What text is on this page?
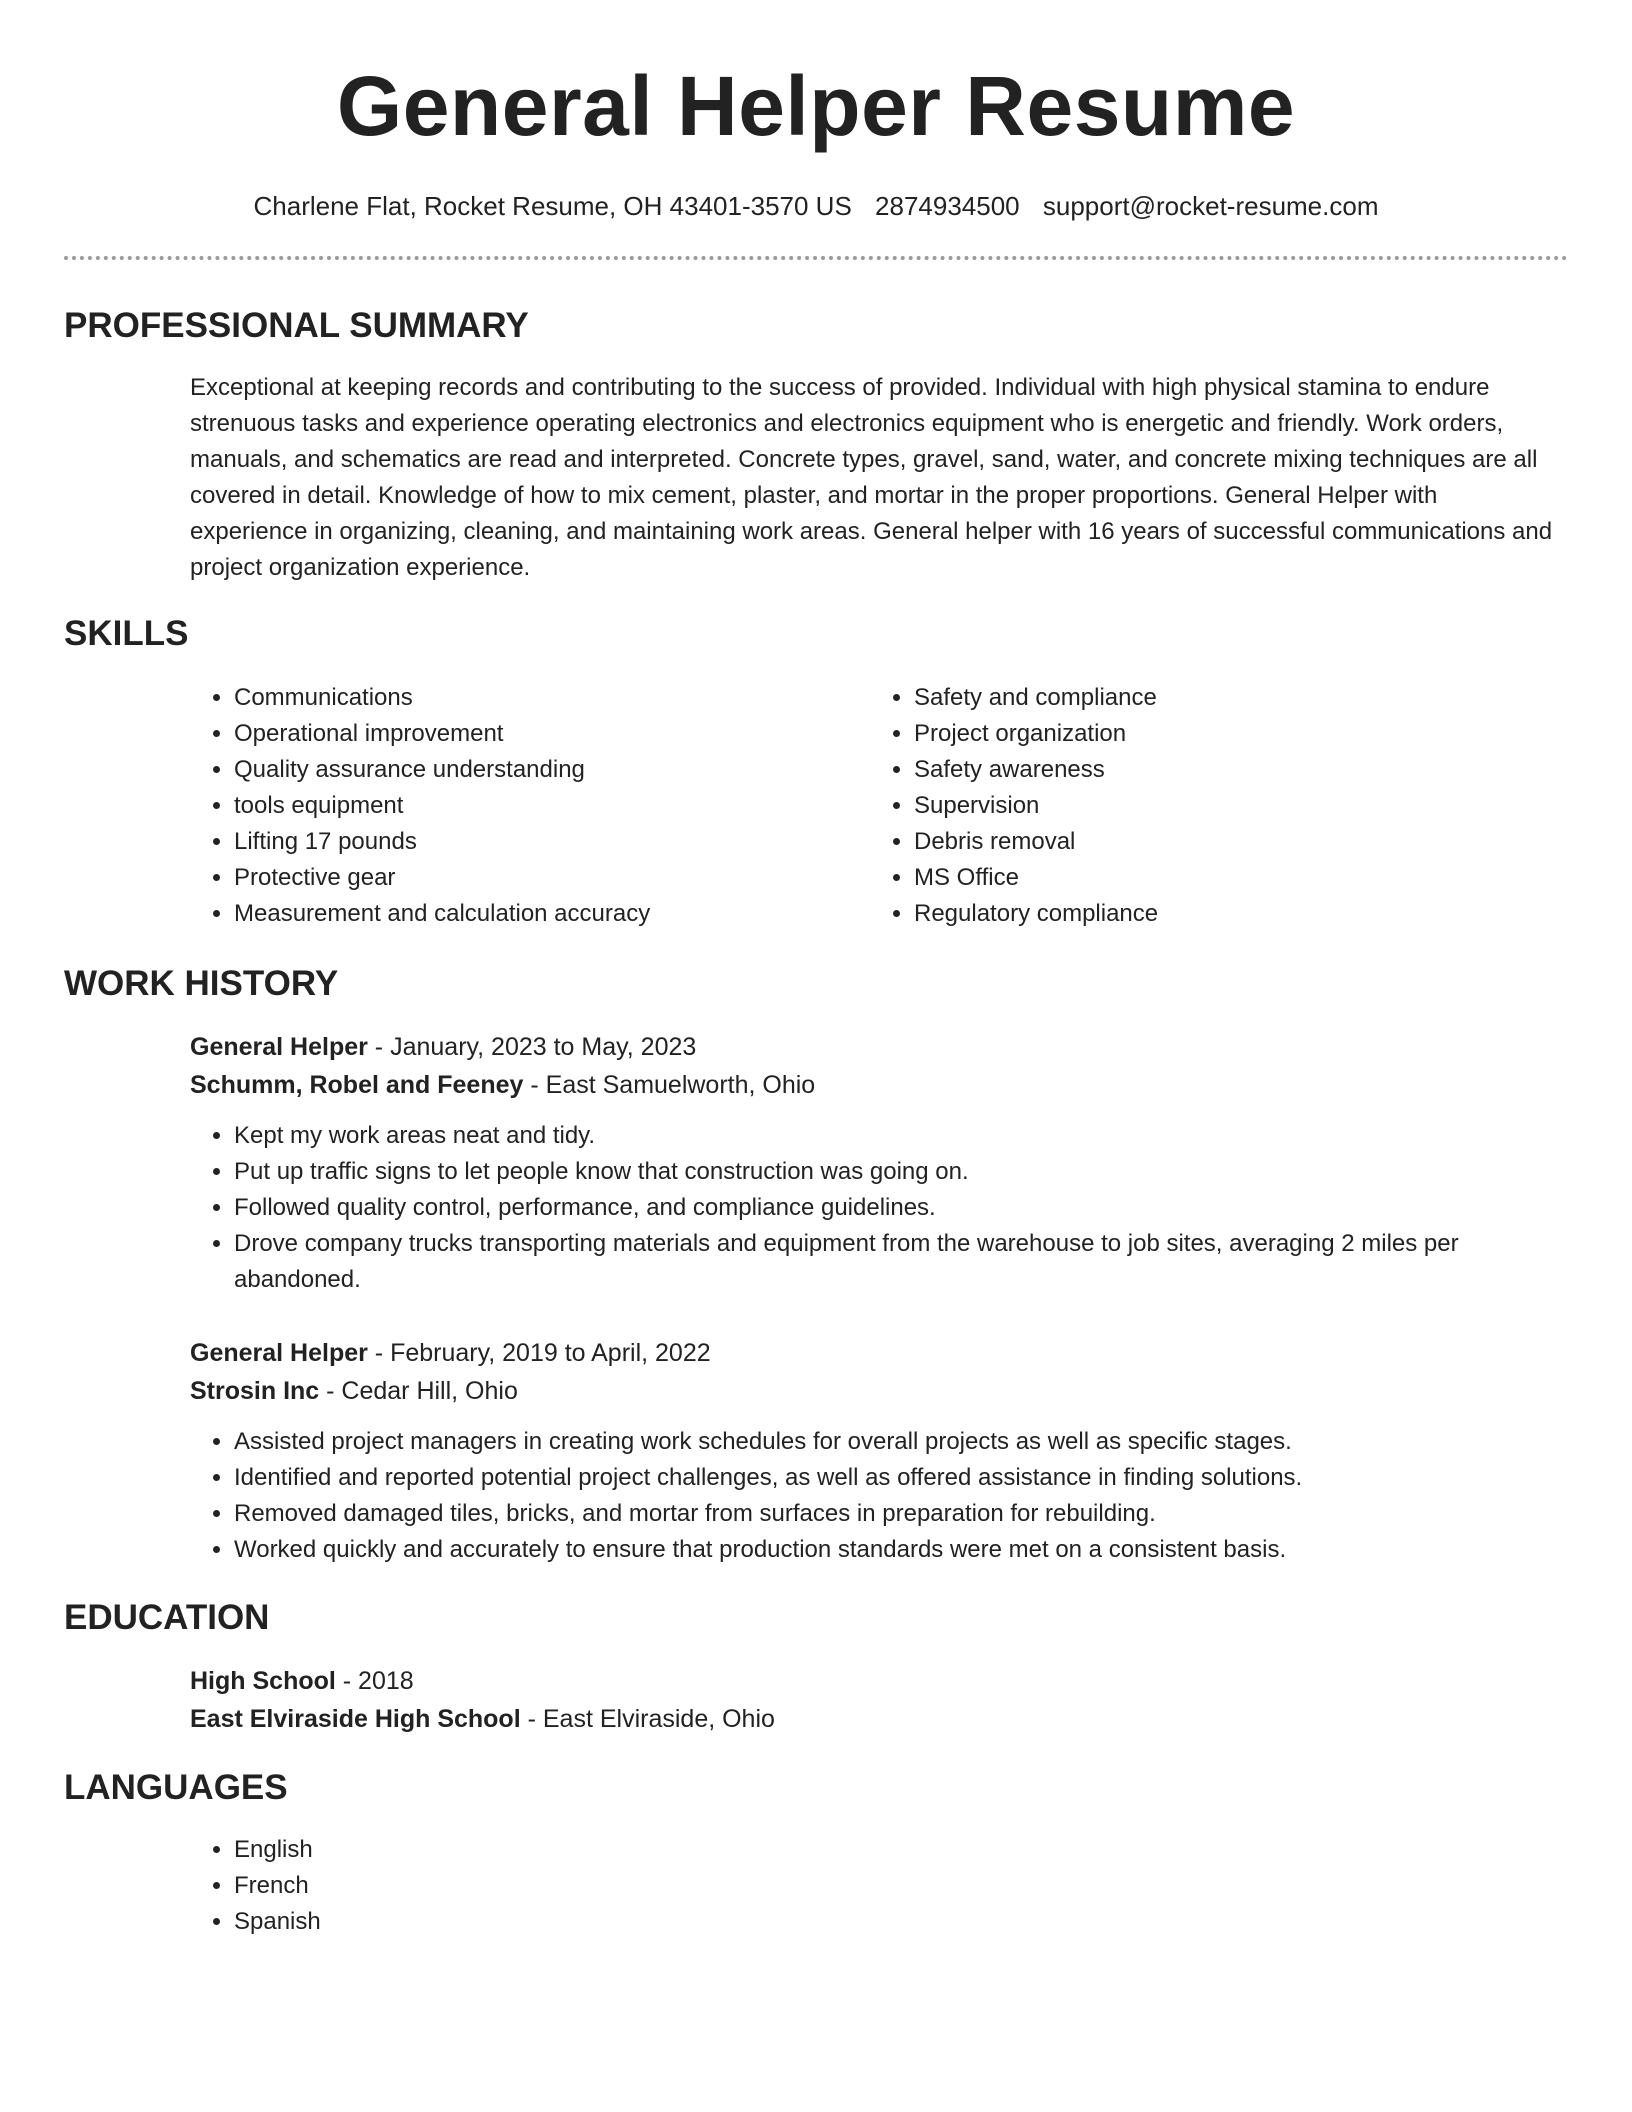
General Helper Resume
Charlene Flat, Rocket Resume, OH 43401-3570 US 2874934500 support@rocket-resume.com
PROFESSIONAL SUMMARY
Exceptional at keeping records and contributing to the success of provided. Individual with high physical stamina to endure strenuous tasks and experience operating electronics and electronics equipment who is energetic and friendly. Work orders, manuals, and schematics are read and interpreted. Concrete types, gravel, sand, water, and concrete mixing techniques are all covered in detail. Knowledge of how to mix cement, plaster, and mortar in the proper proportions. General Helper with experience in organizing, cleaning, and maintaining work areas. General helper with 16 years of successful communications and project organization experience.
SKILLS
• Communications
• Operational improvement
• Quality assurance understanding
• tools equipment
• Lifting 17 pounds
• Protective gear
• Measurement and calculation accuracy
• Safety and compliance
• Project organization
• Safety awareness
• Supervision
• Debris removal
• MS Office
• Regulatory compliance
WORK HISTORY
General Helper - January, 2023 to May, 2023
Schumm, Robel and Feeney - East Samuelworth, Ohio
• Kept my work areas neat and tidy.
• Put up traffic signs to let people know that construction was going on.
• Followed quality control, performance, and compliance guidelines.
• Drove company trucks transporting materials and equipment from the warehouse to job sites, averaging 2 miles per abandoned.
General Helper - February, 2019 to April, 2022
Strosin Inc - Cedar Hill, Ohio
• Assisted project managers in creating work schedules for overall projects as well as specific stages.
• Identified and reported potential project challenges, as well as offered assistance in finding solutions.
• Removed damaged tiles, bricks, and mortar from surfaces in preparation for rebuilding.
• Worked quickly and accurately to ensure that production standards were met on a consistent basis.
EDUCATION
High School - 2018
East Elviraside High School - East Elviraside, Ohio
LANGUAGES
• English
• French
• Spanish
